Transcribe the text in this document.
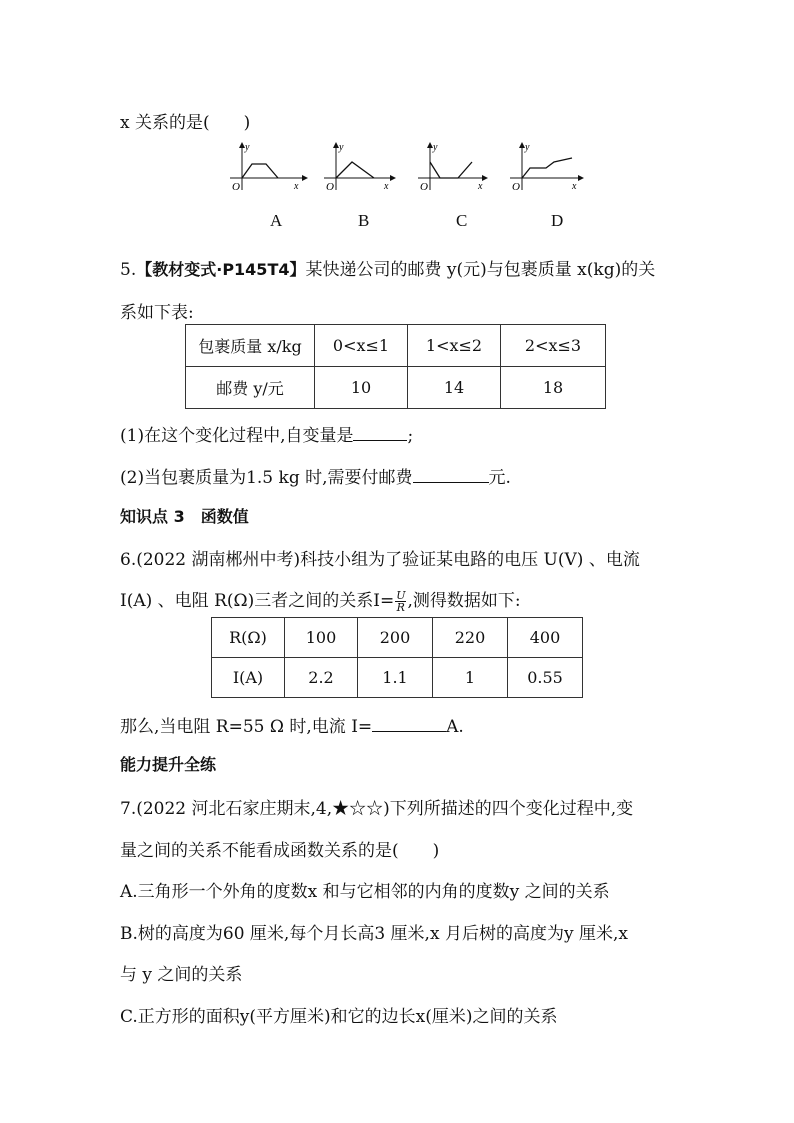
x 关系的是(　　)
y
x
O
y
x
O
y
x
O
y
x
O
A	B	C	D
5.【教材变式·P145T4】某快递公司的邮费 y(元)与包裹质量 x(kg)的关
系如下表:
包裹质量 x/kg	0<x≤1	1<x≤2	2<x≤3
邮费 y/元	10	14	18
(1)在这个变化过程中,自变量是	;
(2)当包裹质量为1.5 kg 时,需要付邮费	元.
知识点 3　函数值
6.(2022 湖南郴州中考)科技小组为了验证某电路的电压 U(V) 、电流
I(A) 、电阻 R(Ω)三者之间的关系$I= \frac{U}{R}$ ,测得数据如下:
R(Ω)	100	200	220	400
I(A)	2.2	1.1	1	0.55
那么,当电阻 R=55 Ω 时,电流 I=	A.
能力提升全练
7.(2022 河北石家庄期末,4,★☆☆)下列所描述的四个变化过程中,变
量之间的关系不能看成函数关系的是(　　)
A.三角形一个外角的度数x 和与它相邻的内角的度数y 之间的关系
B.树的高度为60 厘米,每个月长高3 厘米,x 月后树的高度为y 厘米,x
与 y 之间的关系
C.正方形的面积y(平方厘米)和它的边长x(厘米)之间的关系
